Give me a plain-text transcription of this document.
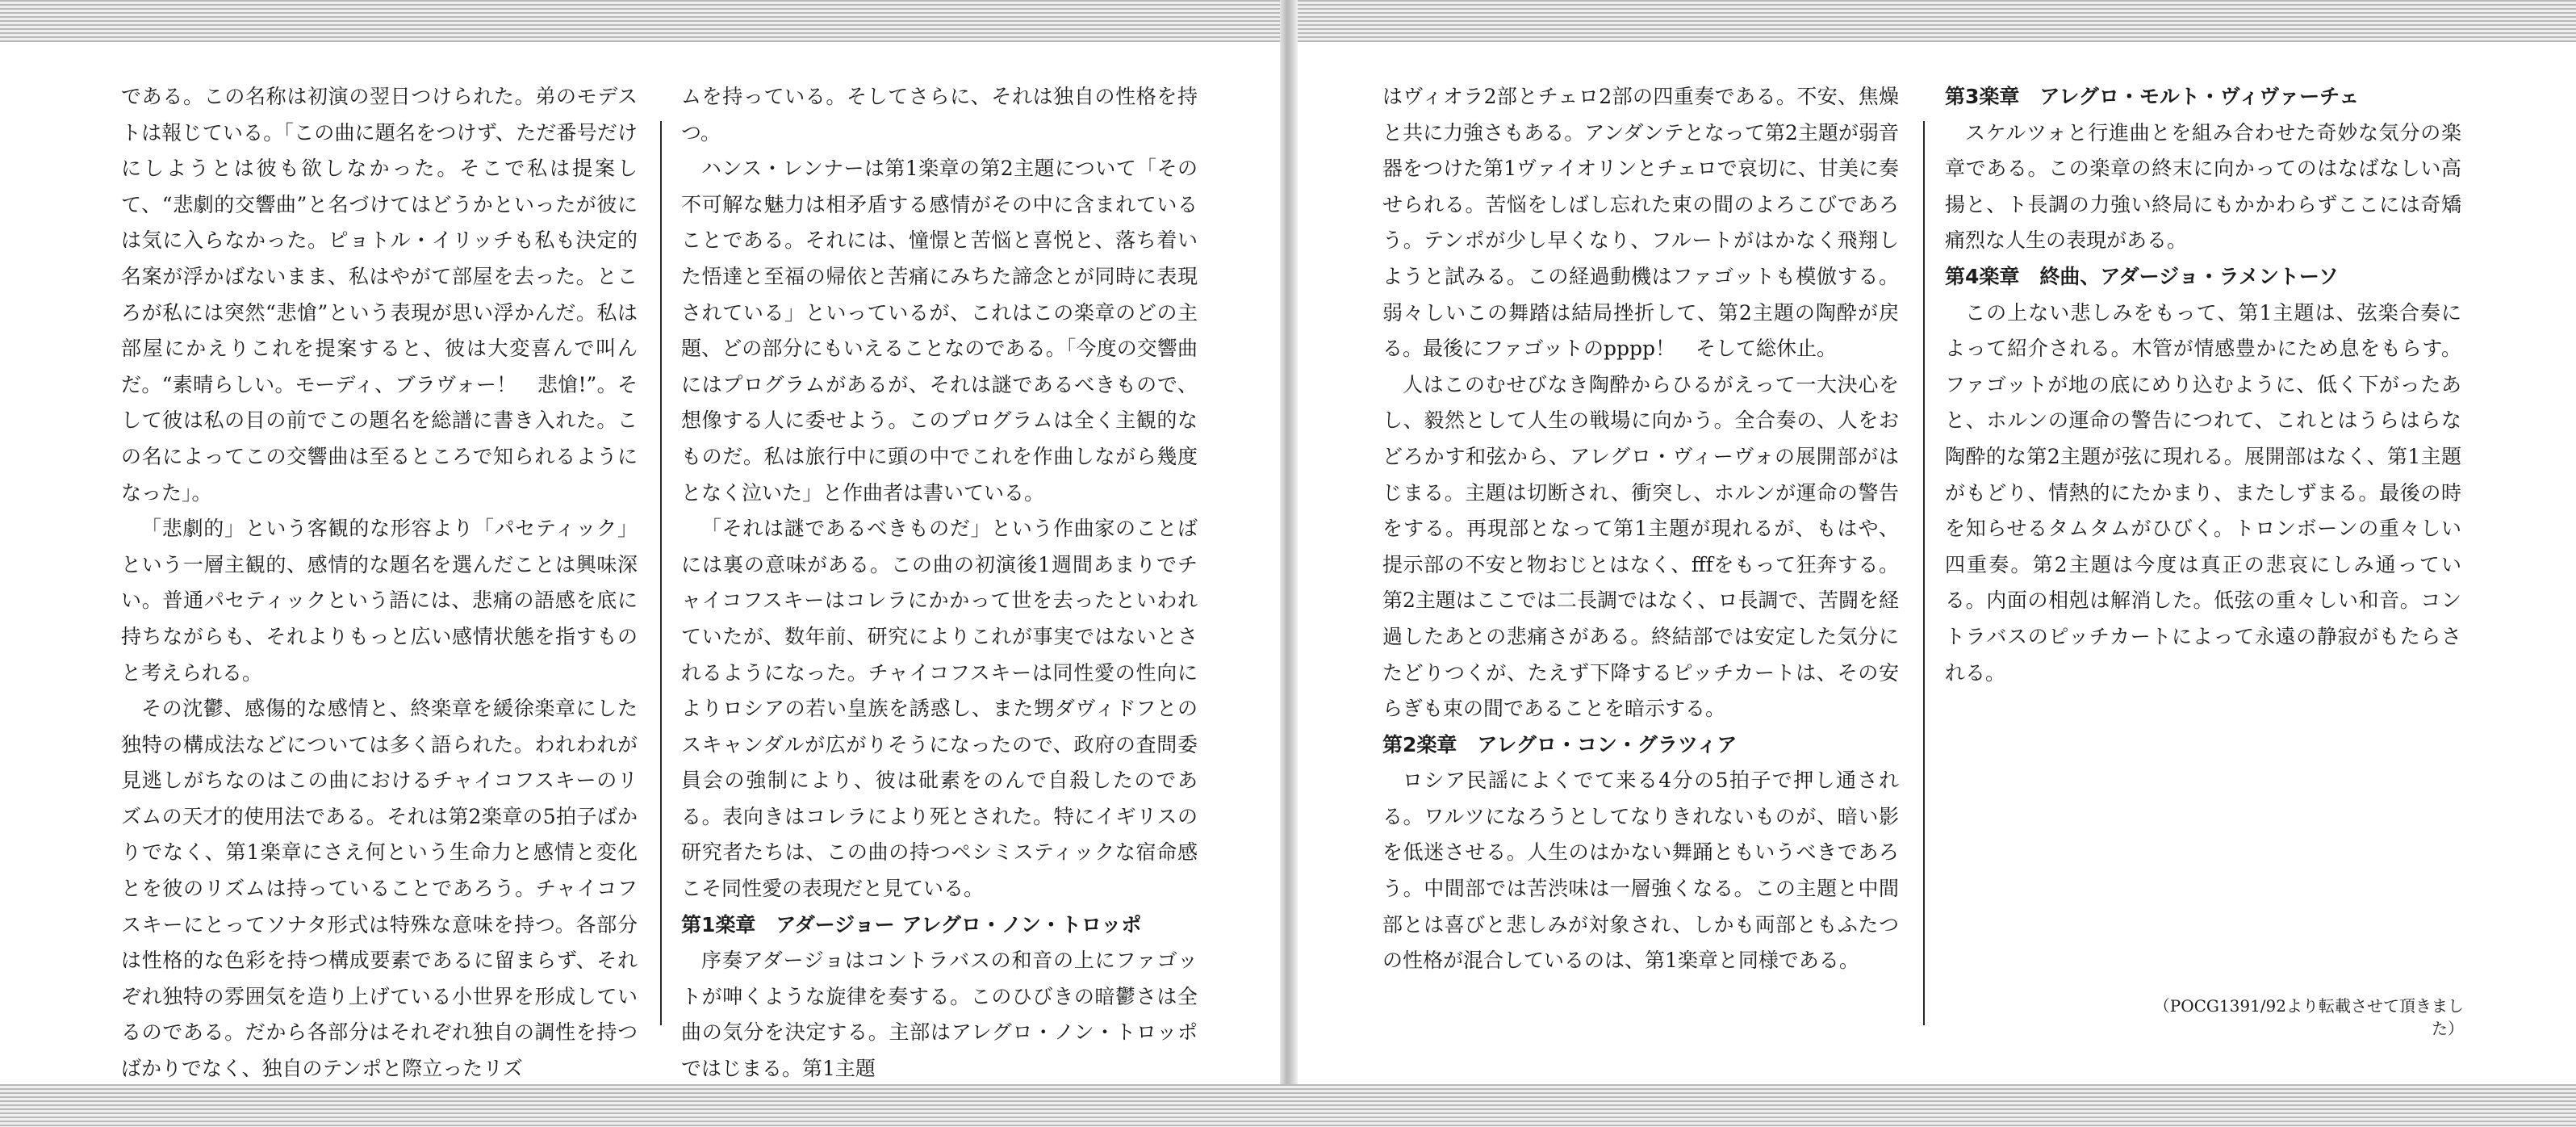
である。この名称は初演の翌日つけられた。弟のモデストは報じている。「この曲に題名をつけず、ただ番号だけにしようとは彼も欲しなかった。そこで私は提案して、“悲劇的交響曲”と名づけてはどうかといったが彼には気に入らなかった。ピョトル・イリッチも私も決定的名案が浮かばないまま、私はやがて部屋を去った。ところが私には突然“悲愴”という表現が思い浮かんだ。私は部屋にかえりこれを提案すると、彼は大変喜んで叫んだ。“素晴らしい。モーディ、ブラヴォー！　悲愴!”。そして彼は私の目の前でこの題名を総譜に書き入れた。この名によってこの交響曲は至るところで知られるようになった」。

「悲劇的」という客観的な形容より「パセティック」という一層主観的、感情的な題名を選んだことは興味深い。普通パセティックという語には、悲痛の語感を底に持ちながらも、それよりもっと広い感情状態を指すものと考えられる。

その沈鬱、感傷的な感情と、終楽章を緩徐楽章にした独特の構成法などについては多く語られた。われわれが見逃しがちなのはこの曲におけるチャイコフスキーのリズムの天才的使用法である。それは第2楽章の5拍子ばかりでなく、第1楽章にさえ何という生命力と感情と変化とを彼のリズムは持っていることであろう。チャイコフスキーにとってソナタ形式は特殊な意味を持つ。各部分は性格的な色彩を持つ構成要素であるに留まらず、それぞれ独特の雰囲気を造り上げている小世界を形成しているのである。だから各部分はそれぞれ独自の調性を持つばかりでなく、独自のテンポと際立ったリズ

ムを持っている。そしてさらに、それは独自の性格を持つ。

ハンス・レンナーは第1楽章の第2主題について「その不可解な魅力は相矛盾する感情がその中に含まれていることである。それには、憧憬と苦悩と喜悦と、落ち着いた悟達と至福の帰依と苦痛にみちた諦念とが同時に表現されている」といっているが、これはこの楽章のどの主題、どの部分にもいえることなのである。「今度の交響曲にはプログラムがあるが、それは謎であるべきもので、想像する人に委せよう。このプログラムは全く主観的なものだ。私は旅行中に頭の中でこれを作曲しながら幾度となく泣いた」と作曲者は書いている。

「それは謎であるべきものだ」という作曲家のことばには裏の意味がある。この曲の初演後1週間あまりでチャイコフスキーはコレラにかかって世を去ったといわれていたが、数年前、研究によりこれが事実ではないとされるようになった。チャイコフスキーは同性愛の性向によりロシアの若い皇族を誘惑し、また甥ダヴィドフとのスキャンダルが広がりそうになったので、政府の査問委員会の強制により、彼は砒素をのんで自殺したのである。表向きはコレラにより死とされた。特にイギリスの研究者たちは、この曲の持つペシミスティックな宿命感こそ同性愛の表現だと見ている。

第1楽章　アダージョー アレグロ・ノン・トロッポ

序奏アダージョはコントラバスの和音の上にファゴットが呻くような旋律を奏する。このひびきの暗鬱さは全曲の気分を決定する。主部はアレグロ・ノン・トロッポではじまる。第1主題

はヴィオラ2部とチェロ2部の四重奏である。不安、焦燥と共に力強さもある。アンダンテとなって第2主題が弱音器をつけた第1ヴァイオリンとチェロで哀切に、甘美に奏せられる。苦悩をしばし忘れた束の間のよろこびであろう。テンポが少し早くなり、フルートがはかなく飛翔しようと試みる。この経過動機はファゴットも模倣する。弱々しいこの舞踏は結局挫折して、第2主題の陶酔が戻る。最後にファゴットのpppp！　そして総休止。

人はこのむせびなき陶酔からひるがえって一大決心をし、毅然として人生の戦場に向かう。全合奏の、人をおどろかす和弦から、アレグロ・ヴィーヴォの展開部がはじまる。主題は切断され、衝突し、ホルンが運命の警告をする。再現部となって第1主題が現れるが、もはや、提示部の不安と物おじとはなく、fffをもって狂奔する。第2主題はここでは二長調ではなく、ロ長調で、苦闘を経過したあとの悲痛さがある。終結部では安定した気分にたどりつくが、たえず下降するピッチカートは、その安らぎも束の間であることを暗示する。

第2楽章　アレグロ・コン・グラツィア

ロシア民謡によくでて来る4分の5拍子で押し通される。ワルツになろうとしてなりきれないものが、暗い影を低迷させる。人生のはかない舞踊ともいうべきであろう。中間部では苦渋味は一層強くなる。この主題と中間部とは喜びと悲しみが対象され、しかも両部ともふたつの性格が混合しているのは、第1楽章と同様である。

第3楽章　アレグロ・モルト・ヴィヴァーチェ

スケルツォと行進曲とを組み合わせた奇妙な気分の楽章である。この楽章の終末に向かってのはなばなしい高揚と、ト長調の力強い終局にもかかわらずここには奇矯痛烈な人生の表現がある。

第4楽章　終曲、アダージョ・ラメントーソ

この上ない悲しみをもって、第1主題は、弦楽合奏によって紹介される。木管が情感豊かにため息をもらす。ファゴットが地の底にめり込むように、低く下がったあと、ホルンの運命の警告につれて、これとはうらはらな陶酔的な第2主題が弦に現れる。展開部はなく、第1主題がもどり、情熱的にたかまり、またしずまる。最後の時を知らせるタムタムがひびく。トロンボーンの重々しい四重奏。第2主題は今度は真正の悲哀にしみ通っている。内面の相剋は解消した。低弦の重々しい和音。コントラバスのピッチカートによって永遠の静寂がもたらされる。

（POCG1391/92より転載させて頂きました）
